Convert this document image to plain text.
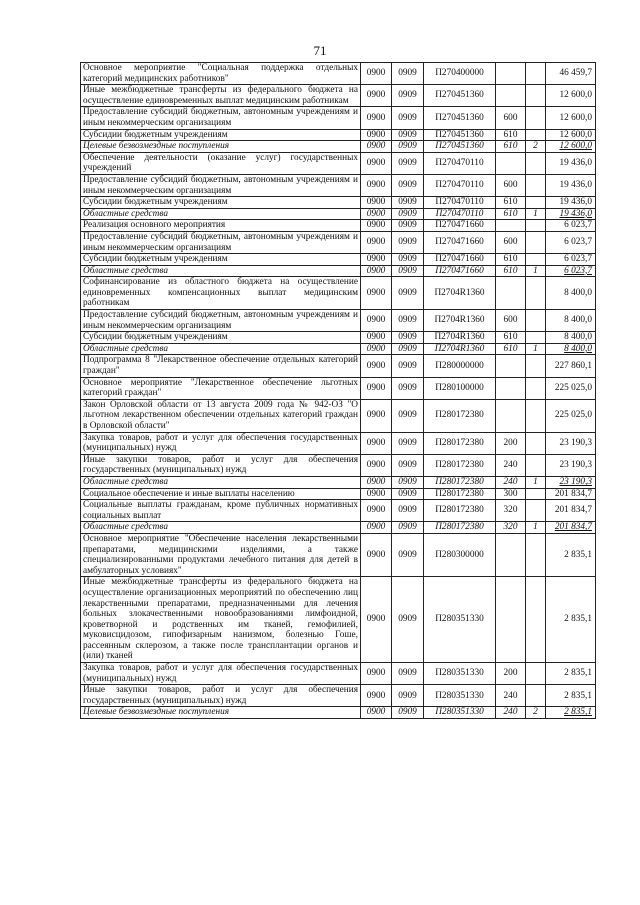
71
Основное мероприятие "Социальная поддержка отдельных категорий медицинских работников"	0900	0909	П270400000			46 459,7
Иные межбюджетные трансферты из федерального бюджета на осуществление единовременных выплат медицинским работникам	0900	0909	П270451360			12 600,0
Предоставление субсидий бюджетным, автономным учреждениям и иным некоммерческим организациям	0900	0909	П270451360	600		12 600,0
Субсидии бюджетным учреждениям	0900	0909	П270451360	610		12 600,0
Целевые безвозмездные поступления	0900	0909	П270451360	610	2	12 600,0
Обеспечение деятельности (оказание услуг) государственных учреждений	0900	0909	П270470110			19 436,0
Предоставление субсидий бюджетным, автономным учреждениям и иным некоммерческим организациям	0900	0909	П270470110	600		19 436,0
Субсидии бюджетным учреждениям	0900	0909	П270470110	610		19 436,0
Областные средства	0900	0909	П270470110	610	1	19 436,0
Реализация основного мероприятия	0900	0909	П270471660			6 023,7
Предоставление субсидий бюджетным, автономным учреждениям и иным некоммерческим организациям	0900	0909	П270471660	600		6 023,7
Субсидии бюджетным учреждениям	0900	0909	П270471660	610		6 023,7
Областные средства	0900	0909	П270471660	610	1	6 023,7
Софинансирование из областного бюджета на осуществление единовременных компенсационных выплат медицинским работникам	0900	0909	П2704R1360			8 400,0
Предоставление субсидий бюджетным, автономным учреждениям и иным некоммерческим организациям	0900	0909	П2704R1360	600		8 400,0
Субсидии бюджетным учреждениям	0900	0909	П2704R1360	610		8 400,0
Областные средства	0900	0909	П2704R1360	610	1	8 400,0
Подпрограмма 8 "Лекарственное обеспечение отдельных категорий граждан"	0900	0909	П280000000			227 860,1
Основное мероприятие "Лекарственное обеспечение льготных категорий граждан"	0900	0909	П280100000			225 025,0
Закон Орловской области от 13 августа 2009 года № 942-ОЗ "О льготном лекарственном обеспечении отдельных категорий граждан в Орловской области"	0900	0909	П280172380			225 025,0
Закупка товаров, работ и услуг для обеспечения государственных (муниципальных) нужд	0900	0909	П280172380	200		23 190,3
Иные закупки товаров, работ и услуг для обеспечения государственных (муниципальных) нужд	0900	0909	П280172380	240		23 190,3
Областные средства	0900	0909	П280172380	240	1	23 190,3
Социальное обеспечение и иные выплаты населению	0900	0909	П280172380	300		201 834,7
Социальные выплаты гражданам, кроме публичных нормативных социальных выплат	0900	0909	П280172380	320		201 834,7
Областные средства	0900	0909	П280172380	320	1	201 834,7
Основное мероприятие "Обеспечение населения лекарственными препаратами, медицинскими изделиями, а также специализированными продуктами лечебного питания для детей в амбулаторных условиях"	0900	0909	П280300000			2 835,1
Иные межбюджетные трансферты из федерального бюджета на осуществление организационных мероприятий по обеспечению лиц лекарственными препаратами, предназначенными для лечения больных злокачественными новообразованиями лимфоидной, кроветворной и родственных им тканей, гемофилией, муковисцидозом, гипофизарным нанизмом, болезнью Гоше, рассеянным склерозом, а также после трансплантации органов и (или) тканей	0900	0909	П280351330			2 835,1
Закупка товаров, работ и услуг для обеспечения государственных (муниципальных) нужд	0900	0909	П280351330	200		2 835,1
Иные закупки товаров, работ и услуг для обеспечения государственных (муниципальных) нужд	0900	0909	П280351330	240		2 835,1
Целевые безвозмездные поступления	0900	0909	П280351330	240	2	2 835,1
